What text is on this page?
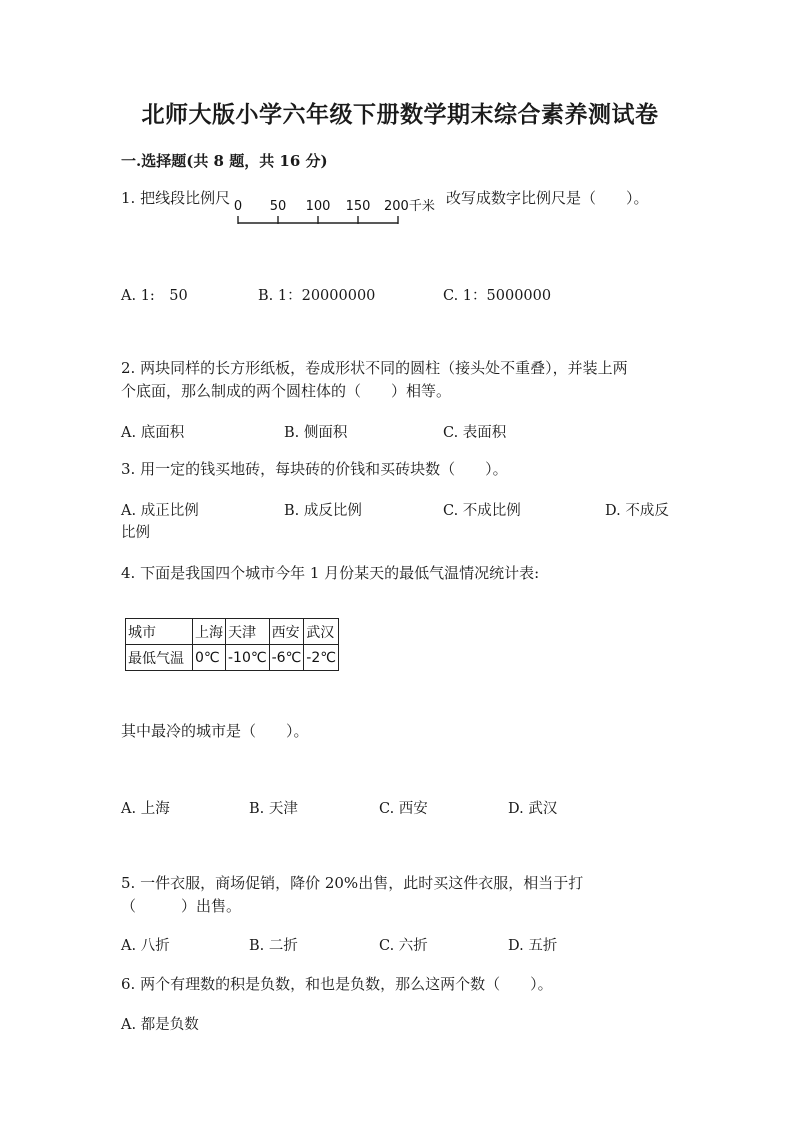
北师大版小学六年级下册数学期末综合素养测试卷
一.选择题(共 8 题，共 16 分)
1. 把线段比例尺 0 50 100 150 200千米 改写成数字比例尺是（　　）。
A. 1:　50	B. 1：20000000	C. 1：5000000
2. 两块同样的长方形纸板，卷成形状不同的圆柱（接头处不重叠），并装上两
个底面，那么制成的两个圆柱体的（　　）相等。
A. 底面积	B. 侧面积	C. 表面积
3. 用一定的钱买地砖，每块砖的价钱和买砖块数（　　）。
A. 成正比例	B. 成反比例	C. 不成比例	D. 不成反
比例
4. 下面是我国四个城市今年 1 月份某天的最低气温情况统计表:
城市	上海	天津	西安	武汉
最低气温	0℃	-10℃	-6℃	-2℃
其中最冷的城市是（　　）。
A. 上海	B. 天津	C. 西安	D. 武汉
5. 一件衣服，商场促销，降价 20%出售，此时买这件衣服，相当于打
（　　　）出售。
A. 八折	B. 二折	C. 六折	D. 五折
6. 两个有理数的积是负数，和也是负数，那么这两个数（　　）。
A. 都是负数
